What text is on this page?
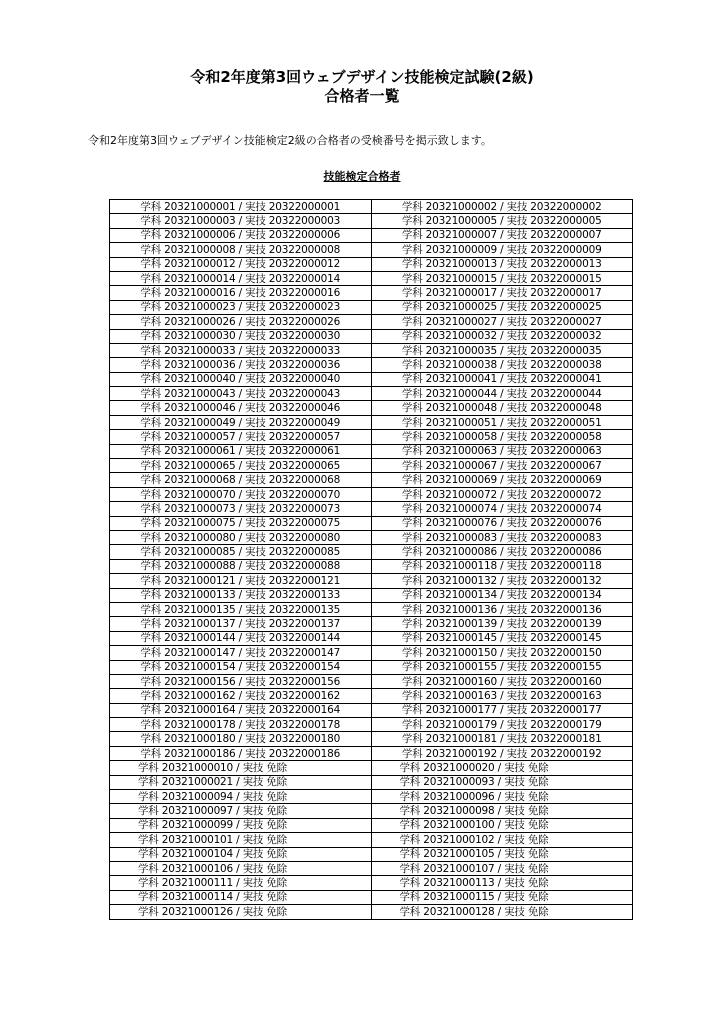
令和2年度第3回ウェブデザイン技能検定試験(2級)
合格者一覧
令和2年度第3回ウェブデザイン技能検定2級の合格者の受検番号を掲示致します。
技能検定合格者
学科 20321000001 / 実技 20322000001	学科 20321000002 / 実技 20322000002
学科 20321000003 / 実技 20322000003	学科 20321000005 / 実技 20322000005
学科 20321000006 / 実技 20322000006	学科 20321000007 / 実技 20322000007
学科 20321000008 / 実技 20322000008	学科 20321000009 / 実技 20322000009
学科 20321000012 / 実技 20322000012	学科 20321000013 / 実技 20322000013
学科 20321000014 / 実技 20322000014	学科 20321000015 / 実技 20322000015
学科 20321000016 / 実技 20322000016	学科 20321000017 / 実技 20322000017
学科 20321000023 / 実技 20322000023	学科 20321000025 / 実技 20322000025
学科 20321000026 / 実技 20322000026	学科 20321000027 / 実技 20322000027
学科 20321000030 / 実技 20322000030	学科 20321000032 / 実技 20322000032
学科 20321000033 / 実技 20322000033	学科 20321000035 / 実技 20322000035
学科 20321000036 / 実技 20322000036	学科 20321000038 / 実技 20322000038
学科 20321000040 / 実技 20322000040	学科 20321000041 / 実技 20322000041
学科 20321000043 / 実技 20322000043	学科 20321000044 / 実技 20322000044
学科 20321000046 / 実技 20322000046	学科 20321000048 / 実技 20322000048
学科 20321000049 / 実技 20322000049	学科 20321000051 / 実技 20322000051
学科 20321000057 / 実技 20322000057	学科 20321000058 / 実技 20322000058
学科 20321000061 / 実技 20322000061	学科 20321000063 / 実技 20322000063
学科 20321000065 / 実技 20322000065	学科 20321000067 / 実技 20322000067
学科 20321000068 / 実技 20322000068	学科 20321000069 / 実技 20322000069
学科 20321000070 / 実技 20322000070	学科 20321000072 / 実技 20322000072
学科 20321000073 / 実技 20322000073	学科 20321000074 / 実技 20322000074
学科 20321000075 / 実技 20322000075	学科 20321000076 / 実技 20322000076
学科 20321000080 / 実技 20322000080	学科 20321000083 / 実技 20322000083
学科 20321000085 / 実技 20322000085	学科 20321000086 / 実技 20322000086
学科 20321000088 / 実技 20322000088	学科 20321000118 / 実技 20322000118
学科 20321000121 / 実技 20322000121	学科 20321000132 / 実技 20322000132
学科 20321000133 / 実技 20322000133	学科 20321000134 / 実技 20322000134
学科 20321000135 / 実技 20322000135	学科 20321000136 / 実技 20322000136
学科 20321000137 / 実技 20322000137	学科 20321000139 / 実技 20322000139
学科 20321000144 / 実技 20322000144	学科 20321000145 / 実技 20322000145
学科 20321000147 / 実技 20322000147	学科 20321000150 / 実技 20322000150
学科 20321000154 / 実技 20322000154	学科 20321000155 / 実技 20322000155
学科 20321000156 / 実技 20322000156	学科 20321000160 / 実技 20322000160
学科 20321000162 / 実技 20322000162	学科 20321000163 / 実技 20322000163
学科 20321000164 / 実技 20322000164	学科 20321000177 / 実技 20322000177
学科 20321000178 / 実技 20322000178	学科 20321000179 / 実技 20322000179
学科 20321000180 / 実技 20322000180	学科 20321000181 / 実技 20322000181
学科 20321000186 / 実技 20322000186	学科 20321000192 / 実技 20322000192
学科 20321000010 / 実技 免除	学科 20321000020 / 実技 免除
学科 20321000021 / 実技 免除	学科 20321000093 / 実技 免除
学科 20321000094 / 実技 免除	学科 20321000096 / 実技 免除
学科 20321000097 / 実技 免除	学科 20321000098 / 実技 免除
学科 20321000099 / 実技 免除	学科 20321000100 / 実技 免除
学科 20321000101 / 実技 免除	学科 20321000102 / 実技 免除
学科 20321000104 / 実技 免除	学科 20321000105 / 実技 免除
学科 20321000106 / 実技 免除	学科 20321000107 / 実技 免除
学科 20321000111 / 実技 免除	学科 20321000113 / 実技 免除
学科 20321000114 / 実技 免除	学科 20321000115 / 実技 免除
学科 20321000126 / 実技 免除	学科 20321000128 / 実技 免除
